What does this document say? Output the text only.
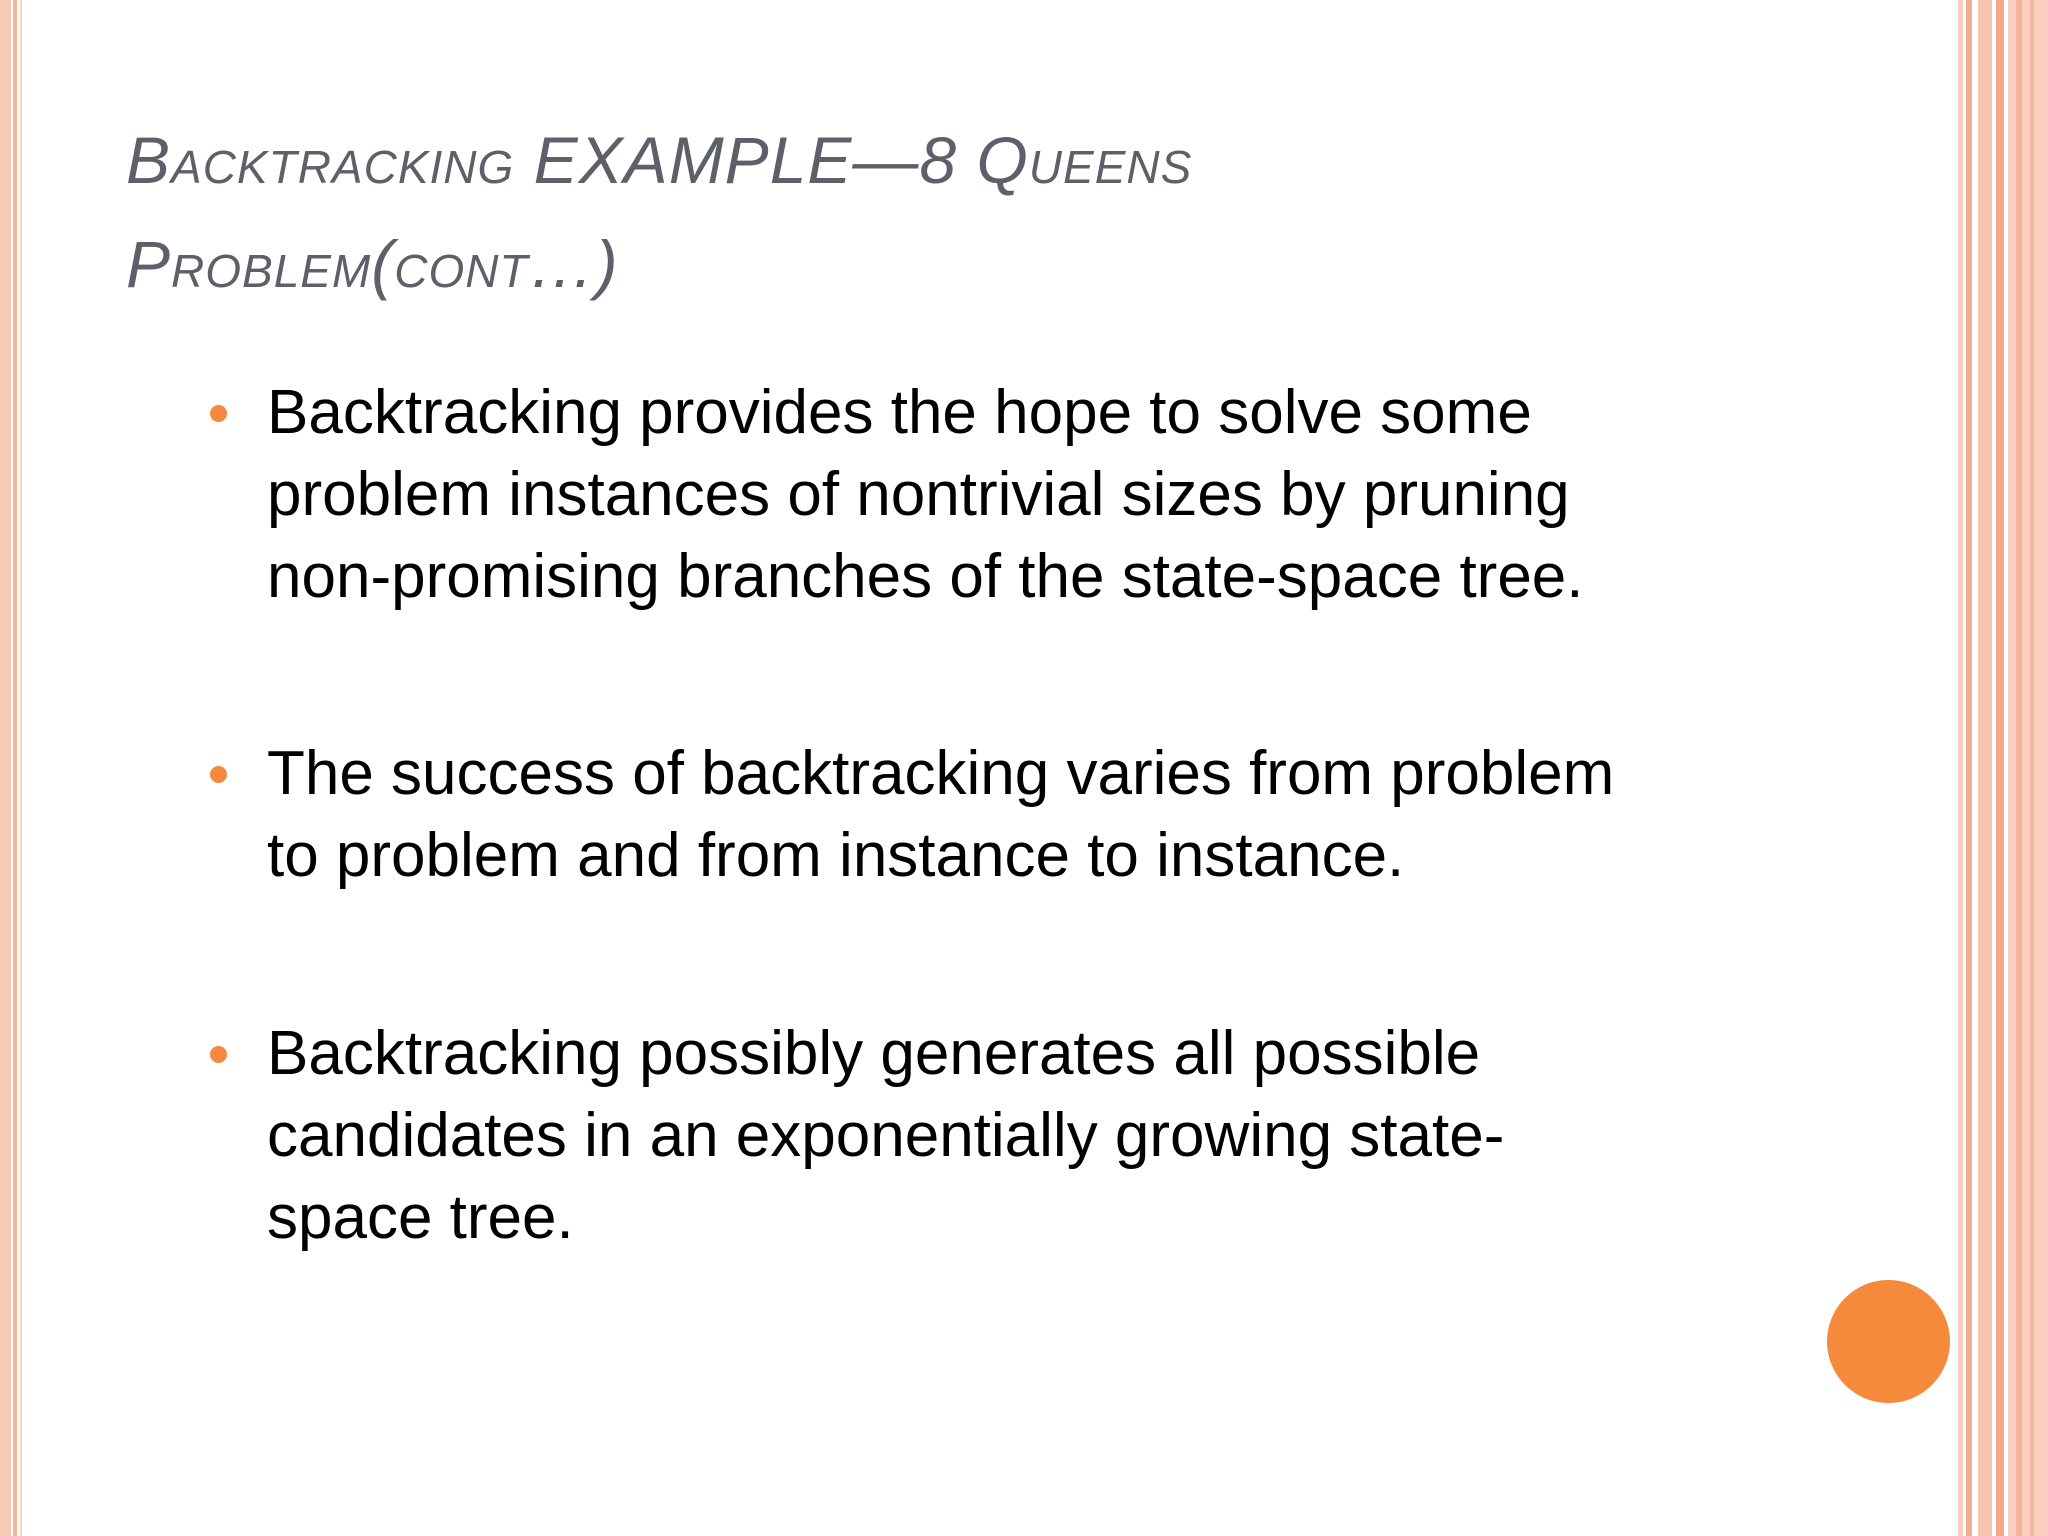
Backtracking EXAMPLE—8 Queens
Problem(cont…)
Backtracking provides the hope to solve some
problem instances of nontrivial sizes by pruning
non-promising branches of the state-space tree.
The success of backtracking varies from problem
to problem and from instance to instance.
Backtracking possibly generates all possible
candidates in an exponentially growing state-
space tree.
